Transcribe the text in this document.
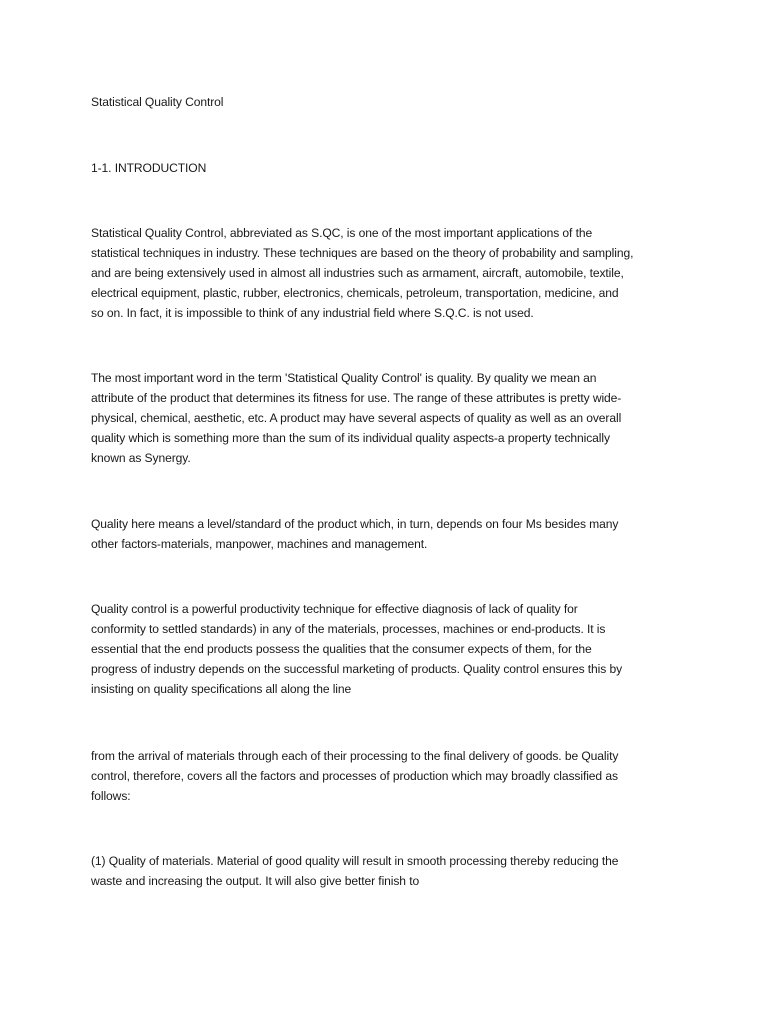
Statistical Quality Control

1-1. INTRODUCTION

Statistical Quality Control, abbreviated as S.QC, is one of the most important applications of the
statistical techniques in industry. These techniques are based on the theory of probability and sampling,
and are being extensively used in almost all industries such as armament, aircraft, automobile, textile,
electrical equipment, plastic, rubber, electronics, chemicals, petroleum, transportation, medicine, and
so on. In fact, it is impossible to think of any industrial field where S.Q.C. is not used.

The most important word in the term 'Statistical Quality Control' is quality. By quality we mean an
attribute of the product that determines its fitness for use. The range of these attributes is pretty wide-
physical, chemical, aesthetic, etc. A product may have several aspects of quality as well as an overall
quality which is something more than the sum of its individual quality aspects-a property technically
known as Synergy.

Quality here means a level/standard of the product which, in turn, depends on four Ms besides many
other factors-materials, manpower, machines and management.

Quality control is a powerful productivity technique for effective diagnosis of lack of quality for
conformity to settled standards) in any of the materials, processes, machines or end-products. It is
essential that the end products possess the qualities that the consumer expects of them, for the
progress of industry depends on the successful marketing of products. Quality control ensures this by
insisting on quality specifications all along the line

from the arrival of materials through each of their processing to the final delivery of goods. be Quality
control, therefore, covers all the factors and processes of production which may broadly classified as
follows:

(1) Quality of materials. Material of good quality will result in smooth processing thereby reducing the
waste and increasing the output. It will also give better finish to
